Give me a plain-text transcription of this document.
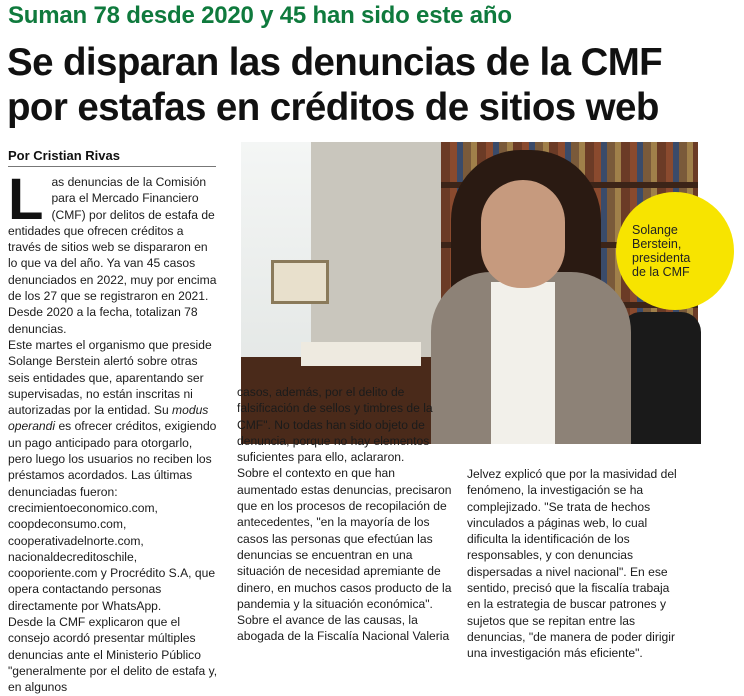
Suman 78 desde 2020 y 45 han sido este año
Se disparan las denuncias de la CMF
por estafas en créditos de sitios web
Por Cristian Rivas

L as denuncias de la Comisión para el Mercado Financiero (CMF) por delitos de estafa de entidades que ofrecen créditos a través de sitios web se dispararon en lo que va del año. Ya van 45 casos denunciados en 2022, muy por encima de los 27 que se registraron en 2021. Desde 2020 a la fecha, totalizan 78 denuncias.

Este martes el organismo que preside Solange Berstein alertó sobre otras seis entidades que, aparentando ser supervisadas, no están inscritas ni autorizadas por la entidad. Su modus operandi es ofrecer créditos, exigiendo un pago anticipado para otorgarlo, pero luego los usuarios no reciben los préstamos acordados. Las últimas denunciadas fueron: crecimientoeconomico.com, coopdeconsumo.com, cooperativadelnorte.com, nacionaldecreditoschile, cooporiente.com y Procrédito S.A, que opera contactando personas directamente por WhatsApp.

Desde la CMF explicaron que el consejo acordó presentar múltiples denuncias ante el Ministerio Público "generalmente por el delito de estafa y, en algunos

Solange
Berstein,
presidenta
de la CMF

casos, además, por el delito de falsificación de sellos y timbres de la CMF". No todas han sido objeto de denuncia, porque no hay elementos suficientes para ello, aclararon.

Sobre el contexto en que han aumentado estas denuncias, precisaron que en los procesos de recopilación de antecedentes, "en la mayoría de los casos las personas que efectúan las denuncias se encuentran en una situación de necesidad apremiante de dinero, en muchos casos producto de la pandemia y la situación económica".

Sobre el avance de las causas, la abogada de la Fiscalía Nacional Valeria

Jelvez explicó que por la masividad del fenómeno, la investigación se ha complejizado. "Se trata de hechos vinculados a páginas web, lo cual dificulta la identificación de los responsables, y con denuncias dispersadas a nivel nacional". En ese sentido, precisó que la fiscalía trabaja en la estrategia de buscar patrones y sujetos que se repitan entre las denuncias, "de manera de poder dirigir una investigación más eficiente".
